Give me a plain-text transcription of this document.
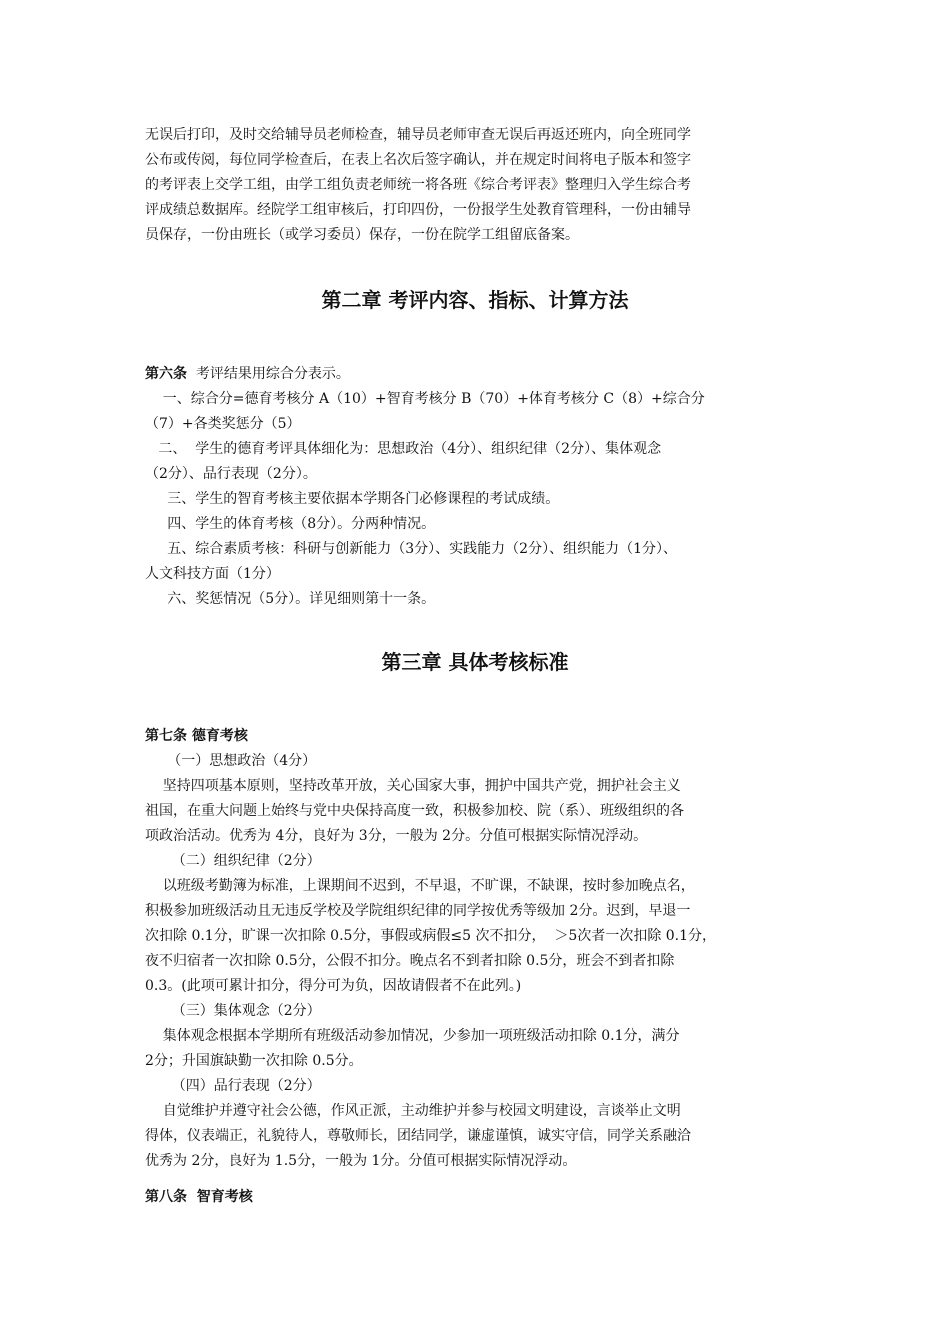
无误后打印，及时交给辅导员老师检查，辅导员老师审查无误后再返还班内，向全班同学
公布或传阅，每位同学检查后，在表上名次后签字确认，并在规定时间将电子版本和签字
的考评表上交学工组，由学工组负责老师统一将各班《综合考评表》整理归入学生综合考
评成绩总数据库。经院学工组审核后，打印四份，一份报学生处教育管理科，一份由辅导
员保存，一份由班长（或学习委员）保存，一份在院学工组留底备案。
第二章 考评内容、指标、计算方法
第六条  考评结果用综合分表示。
一、综合分=德育考核分 A（10）+智育考核分 B（70）+体育考核分 C（8）+综合分
（7）+各类奖惩分（5）
二、  学生的德育考评具体细化为：思想政治（4分）、组织纪律（2分）、集体观念
（2分）、品行表现（2分）。
三、学生的智育考核主要依据本学期各门必修课程的考试成绩。
四、学生的体育考核（8分）。分两种情况。
五、综合素质考核：科研与创新能力（3分）、实践能力（2分）、组织能力（1分）、
人文科技方面（1分）
六、奖惩情况（5分）。详见细则第十一条。
第三章 具体考核标准
第七条 德育考核
（一）思想政治（4分）
坚持四项基本原则，坚持改革开放，关心国家大事，拥护中国共产党，拥护社会主义
祖国，在重大问题上始终与党中央保持高度一致，积极参加校、院（系）、班级组织的各
项政治活动。优秀为 4分，良好为 3分，一般为 2分。分值可根据实际情况浮动。
（二）组织纪律（2分）
以班级考勤簿为标准，上课期间不迟到，不早退，不旷课，不缺课，按时参加晚点名，
积极参加班级活动且无违反学校及学院组织纪律的同学按优秀等级加 2分。迟到，早退一
次扣除 0.1分，旷课一次扣除 0.5分，事假或病假≤5 次不扣分，  ＞5次者一次扣除 0.1分，
夜不归宿者一次扣除 0.5分，公假不扣分。晚点名不到者扣除 0.5分，班会不到者扣除
0.3。(此项可累计扣分，得分可为负，因故请假者不在此列。)
（三）集体观念（2分）
集体观念根据本学期所有班级活动参加情况，少参加一项班级活动扣除 0.1分，满分
2分；升国旗缺勤一次扣除 0.5分。
（四）品行表现（2分）
自觉维护并遵守社会公德，作风正派，主动维护并参与校园文明建设，言谈举止文明
得体，仪表端正，礼貌待人，尊敬师长，团结同学，谦虚谨慎，诚实守信，同学关系融洽
优秀为 2分，良好为 1.5分，一般为 1分。分值可根据实际情况浮动。
第八条  智育考核
